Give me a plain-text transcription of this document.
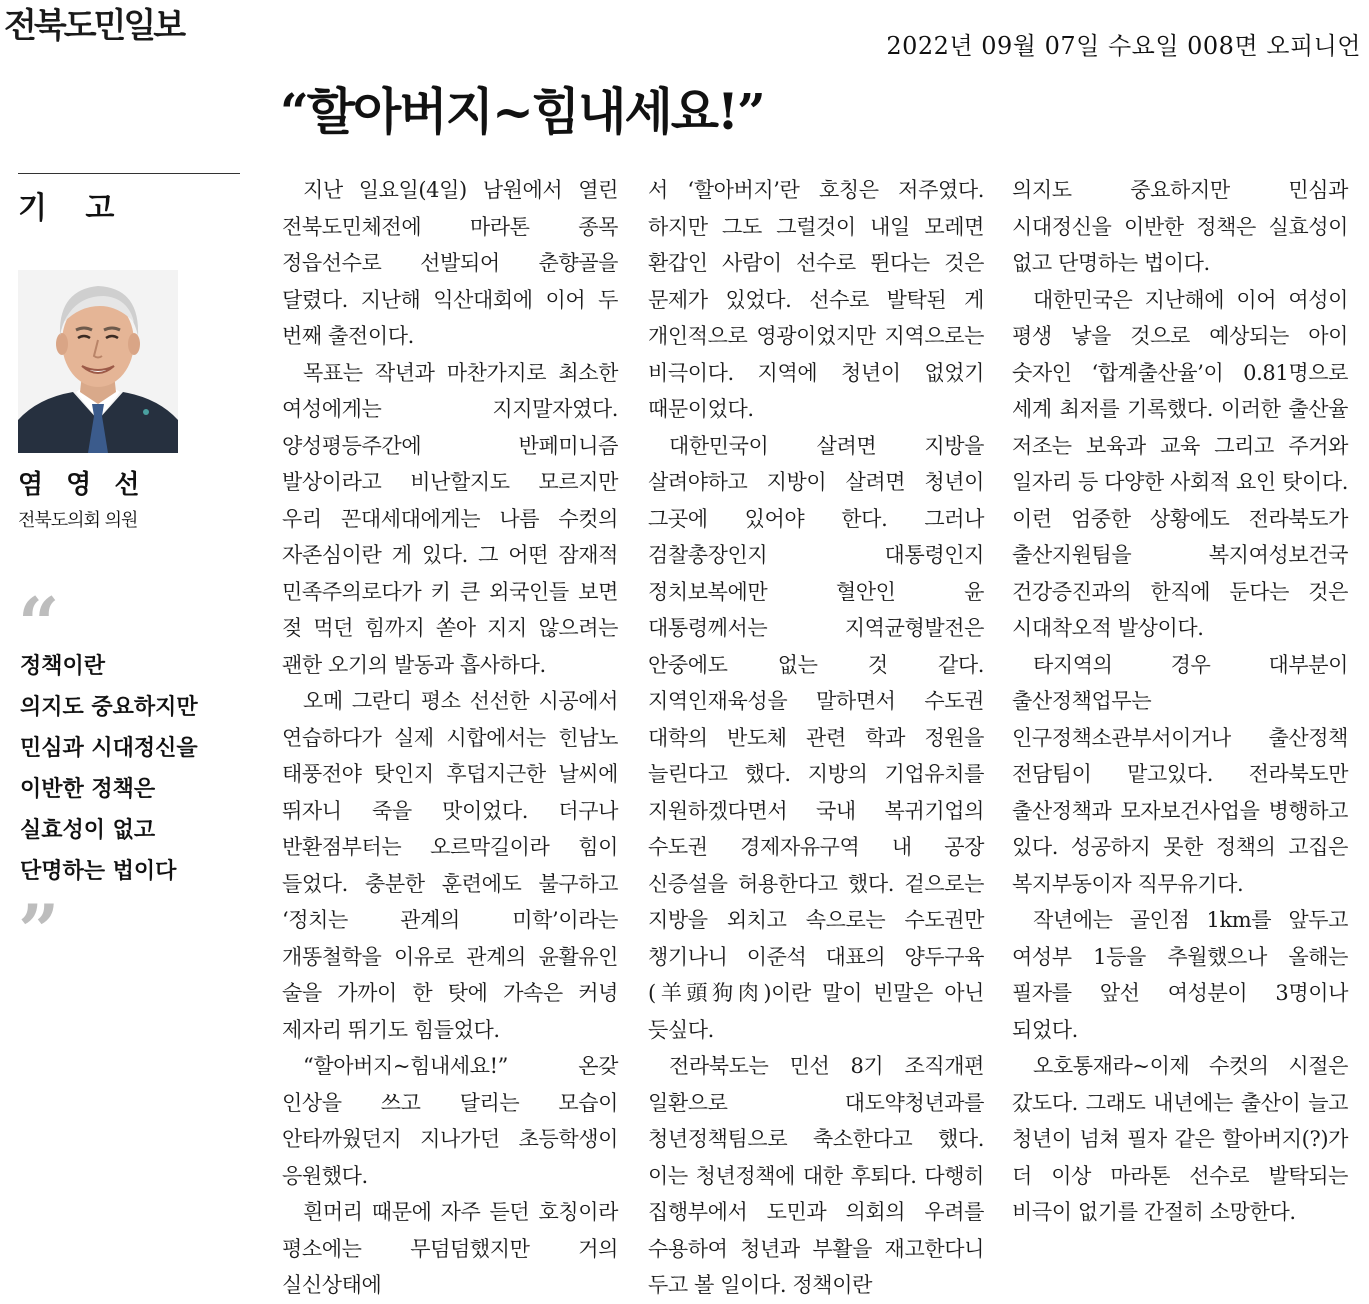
전북도민일보	2022년 09월 07일 수요일 008면 오피니언
“할아버지~힘내세요!”
기 고
염 영 선
전북도의회 의원
“
정책이란
의지도 중요하지만
민심과 시대정신을
이반한 정책은
실효성이 없고
단명하는 법이다
”

지난 일요일(4일) 남원에서 열린 전북도민체전에 마라톤 종목 정읍선수로 선발되어 춘향골을 달렸다. 지난해 익산대회에 이어 두 번째 출전이다.

목표는 작년과 마찬가지로 최소한 여성에게는 지지말자였다. 양성평등주간에 반페미니즘 발상이라고 비난할지도 모르지만 우리 꼰대세대에게는 나름 수컷의 자존심이란 게 있다. 그 어떤 잠재적 민족주의로다가 키 큰 외국인들 보면 젖 먹던 힘까지 쏟아 지지 않으려는 괜한 오기의 발동과 흡사하다.

오메 그란디 평소 선선한 시공에서 연습하다가 실제 시합에서는 힌남노 태풍전야 탓인지 후덥지근한 날씨에 뛰자니 죽을 맛이었다. 더구나 반환점부터는 오르막길이라 힘이 들었다. 충분한 훈련에도 불구하고 ‘정치는 관계의 미학’이라는 개똥철학을 이유로 관계의 윤활유인 술을 가까이 한 탓에 가속은 커녕 제자리 뛰기도 힘들었다.

“할아버지~힘내세요!” 온갖 인상을 쓰고 달리는 모습이 안타까웠던지 지나가던 초등학생이 응원했다.

흰머리 때문에 자주 듣던 호칭이라 평소에는 무덤덤했지만 거의 실신상태에

서 ‘할아버지’란 호칭은 저주였다. 하지만 그도 그럴것이 내일 모레면 환갑인 사람이 선수로 뛴다는 것은 문제가 있었다. 선수로 발탁된 게 개인적으로 영광이었지만 지역으로는 비극이다. 지역에 청년이 없었기 때문이었다.

대한민국이 살려면 지방을 살려야하고 지방이 살려면 청년이 그곳에 있어야 한다. 그러나 검찰총장인지 대통령인지 정치보복에만 혈안인 윤 대통령께서는 지역균형발전은 안중에도 없는 것 같다. 지역인재육성을 말하면서 수도권 대학의 반도체 관련 학과 정원을 늘린다고 했다. 지방의 기업유치를 지원하겠다면서 국내 복귀기업의 수도권 경제자유구역 내 공장 신증설을 허용한다고 했다. 겉으로는 지방을 외치고 속으로는 수도권만 챙기나니 이준석 대표의 양두구육(羊頭狗肉)이란 말이 빈말은 아닌 듯싶다.

전라북도는 민선 8기 조직개편 일환으로 대도약청년과를 청년정책팀으로 축소한다고 했다. 이는 청년정책에 대한 후퇴다. 다행히 집행부에서 도민과 의회의 우려를 수용하여 청년과 부활을 재고한다니 두고 볼 일이다. 정책이란

의지도 중요하지만 민심과 시대정신을 이반한 정책은 실효성이 없고 단명하는 법이다.

대한민국은 지난해에 이어 여성이 평생 낳을 것으로 예상되는 아이 숫자인 ‘합계출산율’이 0.81명으로 세계 최저를 기록했다. 이러한 출산율 저조는 보육과 교육 그리고 주거와 일자리 등 다양한 사회적 요인 탓이다. 이런 엄중한 상황에도 전라북도가 출산지원팀을 복지여성보건국 건강증진과의 한직에 둔다는 것은 시대착오적 발상이다.

타지역의 경우 대부분이 출산정책업무는 인구정책소관부서이거나 출산정책 전담팀이 맡고있다. 전라북도만 출산정책과 모자보건사업을 병행하고 있다. 성공하지 못한 정책의 고집은 복지부동이자 직무유기다.

작년에는 골인점 1km를 앞두고 여성부 1등을 추월했으나 올해는 필자를 앞선 여성분이 3명이나 되었다.

오호통재라~이제 수컷의 시절은 갔도다. 그래도 내년에는 출산이 늘고 청년이 넘쳐 필자 같은 할아버지(?)가 더 이상 마라톤 선수로 발탁되는 비극이 없기를 간절히 소망한다.
